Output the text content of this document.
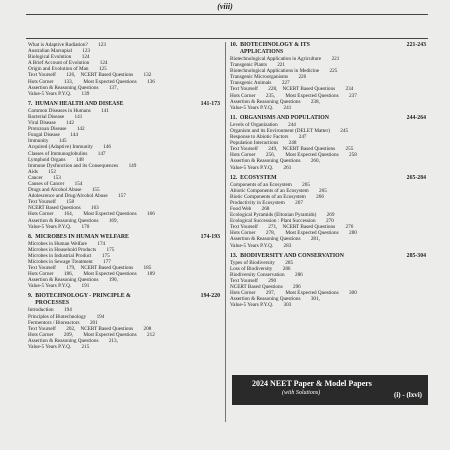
(viii)
What is Adaptive Radiation?        123
Australian Marsupial        123
Biological Evolution        124
A Brief Account of Evolution        124
Origin and Evolution of Man        125
Text Yourself        126,    NCERT Based Questions        132
Hots Corner        133,        Most Expected Questions        136
Assertion & Reasoning Questions        137,
Value-5 Years P.Y.Q.        139
7.  HUMAN HEALTH AND DISEASE	141-173
Common Diseases in Humans        141
Bacterial Disease        141
Viral Disease        142
Protozoan Disease        142
Fungal Disease        144
Immunity        145
Acquired (Adaptive) Immunity        146
Classes of Immunoglobulins        147
Lymphoid Organs        148
Immune Dysfunction and its Consequences        149
Aids        152
Cancer        153
Causes of Cancer        154
Drugs and Alcohol Abuse        155
Adolescence and Drug/Alcohol Abuse        157
Text Yourself        158
NCERT Based Questions        163
Hots Corner        164,        Most Expected Questions        166
Assertion & Reasoning Questions        169,
Value-5 Years P.Y.Q.        170
8.  MICROBES IN HUMAN WELFARE	174-193
Microbes in Human Welfare        174
Microbes in Household Products        175
Microbes in Industrial Product        175
Microbes in Sewage Treatment        177
Text Yourself        179,    NCERT Based Questions        185
Hots Corner        186,        Most Expected Questions        189
Assertion & Reasoning Questions        190,
Value-5 Years P.Y.Q.        191
9.  BIOTECHNOLOGY - PRINCIPLE &
PROCESSES
194-220
Introduction        194
Principles of Biotechnology        194
Fermentors / Bioreactors        201
Text Yourself        202,    NCERT Based Questions        208
Hots Corner        209,        Most Expected Questions        212
Assertion & Reasoning Questions        213,
Value-5 Years P.Y.Q.        215
10.  BIOTECHNOLOGY & ITS
APPLICATIONS
221-243
Biotechnological Application in Agriculture        221
Transgenic Plants        221
Biotechnological Applications in Medicine        225
Transgenic Microorganisms        226
Transgenic Animals        227
Text Yourself        228,    NCERT Based Questions        234
Hots Corner        235,        Most Expected Questions        237
Assertion & Reasoning Questions        238,
Value-5 Years P.Y.Q.        241
11.  ORGANISMS AND POPULATION	244-264
Levels of Organization        244
Organism and its Environment (DELET Matter)        245
Response to Abiotic Factors        247
Population Interactions        248
Text Yourself        249,    NCERT Based Questions        255
Hots Corner        256,        Most Expected Questions        258
Assertion & Reasoning Questions        260,
Value-5 Years P.Y.Q.        261
12.  ECOSYSTEM	265-284
Components of an Ecosystem        265
Abiotic Components of an Ecosystem        265
Biotic Components of an Ecosystem        266
Productivity in Ecosystem        267
Food Web        268
Ecological Pyramids (Eltonian Pyramids)        269
Ecological Succession : Plant Succession        270
Text Yourself        271,    NCERT Based Questions        276
Hots Corner        278,        Most Expected Questions        280
Assertion & Reasoning Questions        281,
Value-5 Years P.Y.Q.        283
13.  BIODIVERSITY AND CONSERVATION	285-304
Types of Biodiversity        285
Loss of Biodiversity        286
Biodiversity Conservation        286
Text Yourself        290
NCERT Based Questions        296
Hots Corner        297,        Most Expected Questions        300
Assertion & Reasoning Questions        301,
Value-5 Years P.Y.Q.        303
2024 NEET Paper & Model Papers
(with Solutions)	(i) - (lxvi)
